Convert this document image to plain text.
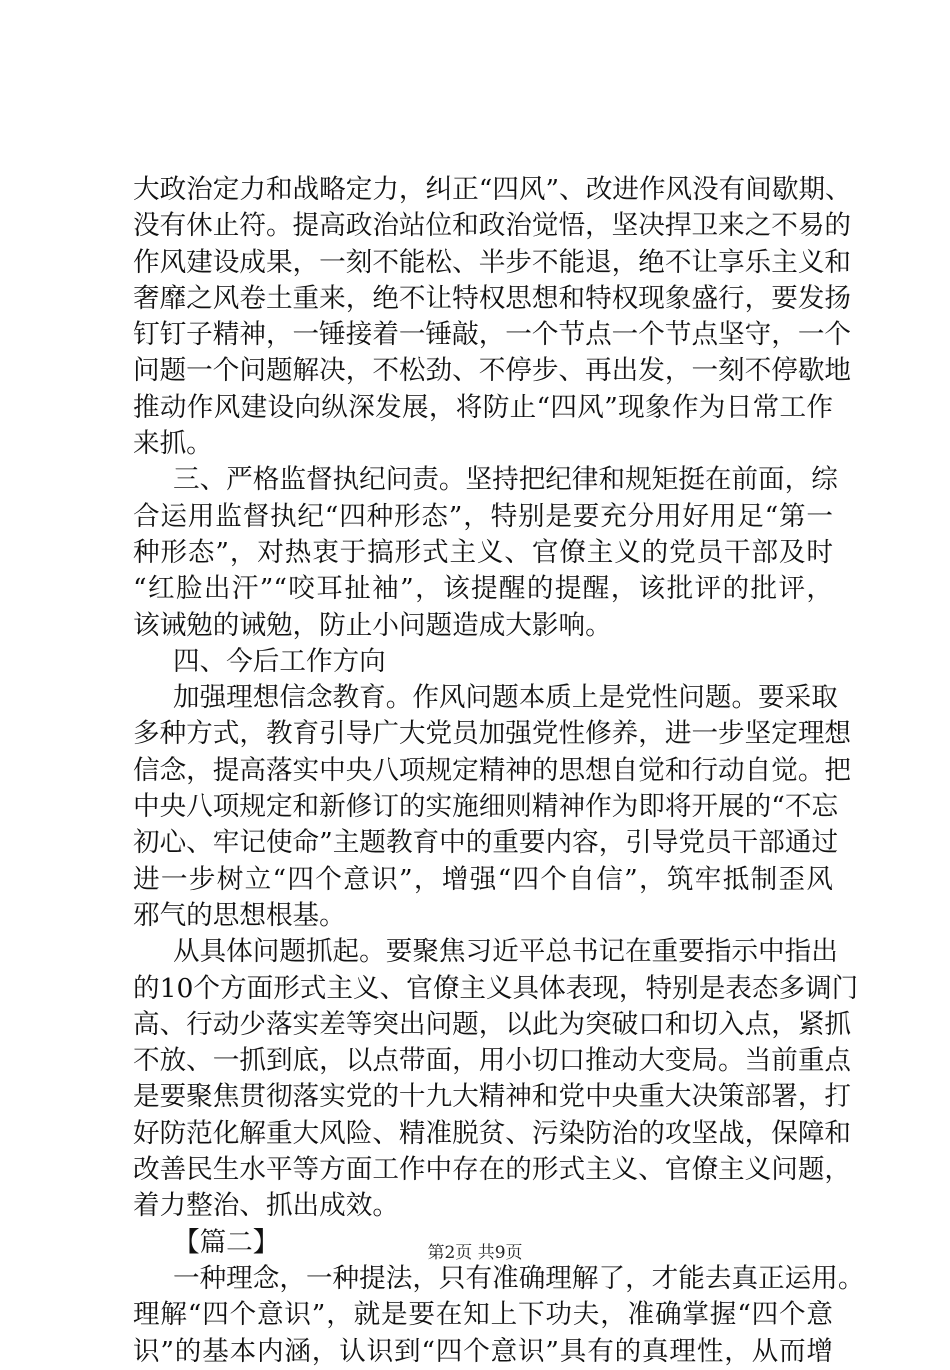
大政治定力和战略定力，纠正“四风”、改进作风没有间歇期、
没有休止符。提高政治站位和政治觉悟，坚决捍卫来之不易的
作风建设成果，一刻不能松、半步不能退，绝不让享乐主义和
奢靡之风卷土重来，绝不让特权思想和特权现象盛行，要发扬
钉钉子精神，一锤接着一锤敲，一个节点一个节点坚守，一个
问题一个问题解决，不松劲、不停步、再出发，一刻不停歇地
推动作风建设向纵深发展，将防止“四风”现象作为日常工作
来抓。
三、严格监督执纪问责。坚持把纪律和规矩挺在前面，综
合运用监督执纪“四种形态”，特别是要充分用好用足“第一
种形态”，对热衷于搞形式主义、官僚主义的党员干部及时
“红脸出汗”“咬耳扯袖”，该提醒的提醒，该批评的批评，
该诫勉的诫勉，防止小问题造成大影响。
四、今后工作方向
加强理想信念教育。作风问题本质上是党性问题。要采取
多种方式，教育引导广大党员加强党性修养，进一步坚定理想
信念，提高落实中央八项规定精神的思想自觉和行动自觉。把
中央八项规定和新修订的实施细则精神作为即将开展的“不忘
初心、牢记使命”主题教育中的重要内容，引导党员干部通过
进一步树立“四个意识”，增强“四个自信”，筑牢抵制歪风
邪气的思想根基。
从具体问题抓起。要聚焦习近平总书记在重要指示中指出
的10个方面形式主义、官僚主义具体表现，特别是表态多调门
高、行动少落实差等突出问题，以此为突破口和切入点，紧抓
不放、一抓到底，以点带面，用小切口推动大变局。当前重点
是要聚焦贯彻落实党的十九大精神和党中央重大决策部署，打
好防范化解重大风险、精准脱贫、污染防治的攻坚战，保障和
改善民生水平等方面工作中存在的形式主义、官僚主义问题，
着力整治、抓出成效。
【篇二】
一种理念，一种提法，只有准确理解了，才能去真正运用。
理解“四个意识”，就是要在知上下功夫，准确掌握“四个意
识”的基本内涵，认识到“四个意识”具有的真理性，从而增
第2页 共9页
